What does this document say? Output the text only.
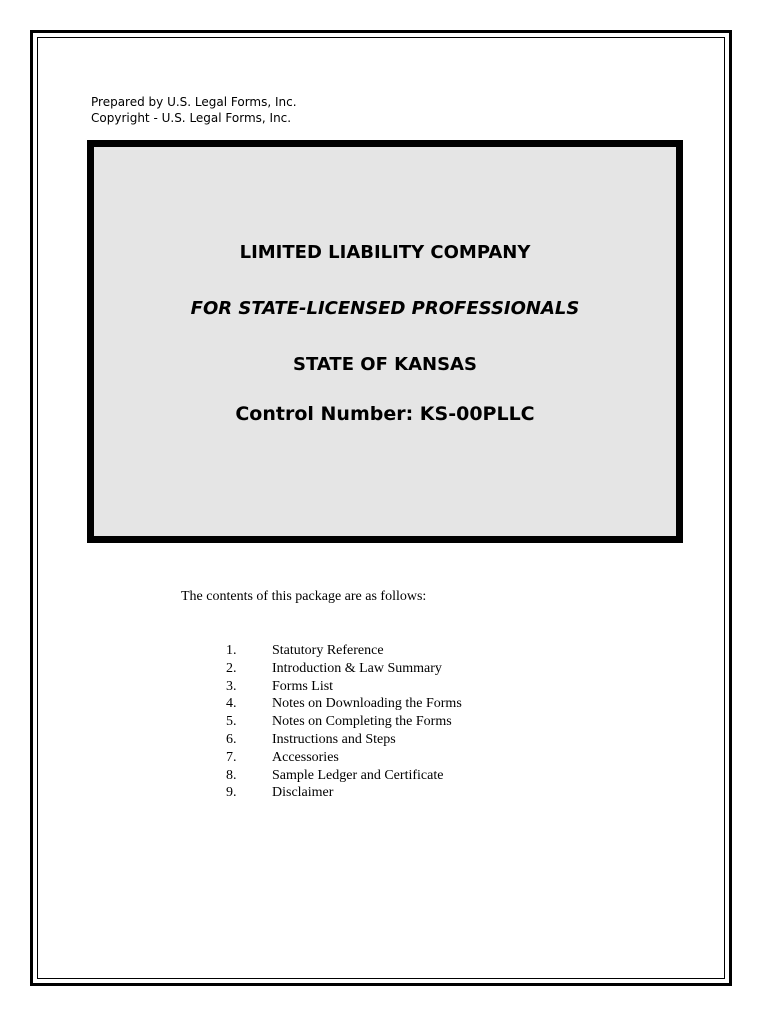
Prepared by U.S. Legal Forms, Inc.
Copyright - U.S. Legal Forms, Inc.
LIMITED LIABILITY COMPANY
FOR STATE-LICENSED PROFESSIONALS
STATE OF KANSAS
Control Number: KS-00PLLC
The contents of this package are as follows:
1.	Statutory Reference
2.	Introduction & Law Summary
3.	Forms List
4.	Notes on Downloading the Forms
5.	Notes on Completing the Forms
6.	Instructions and Steps
7.	Accessories
8.	Sample Ledger and Certificate
9.	Disclaimer
